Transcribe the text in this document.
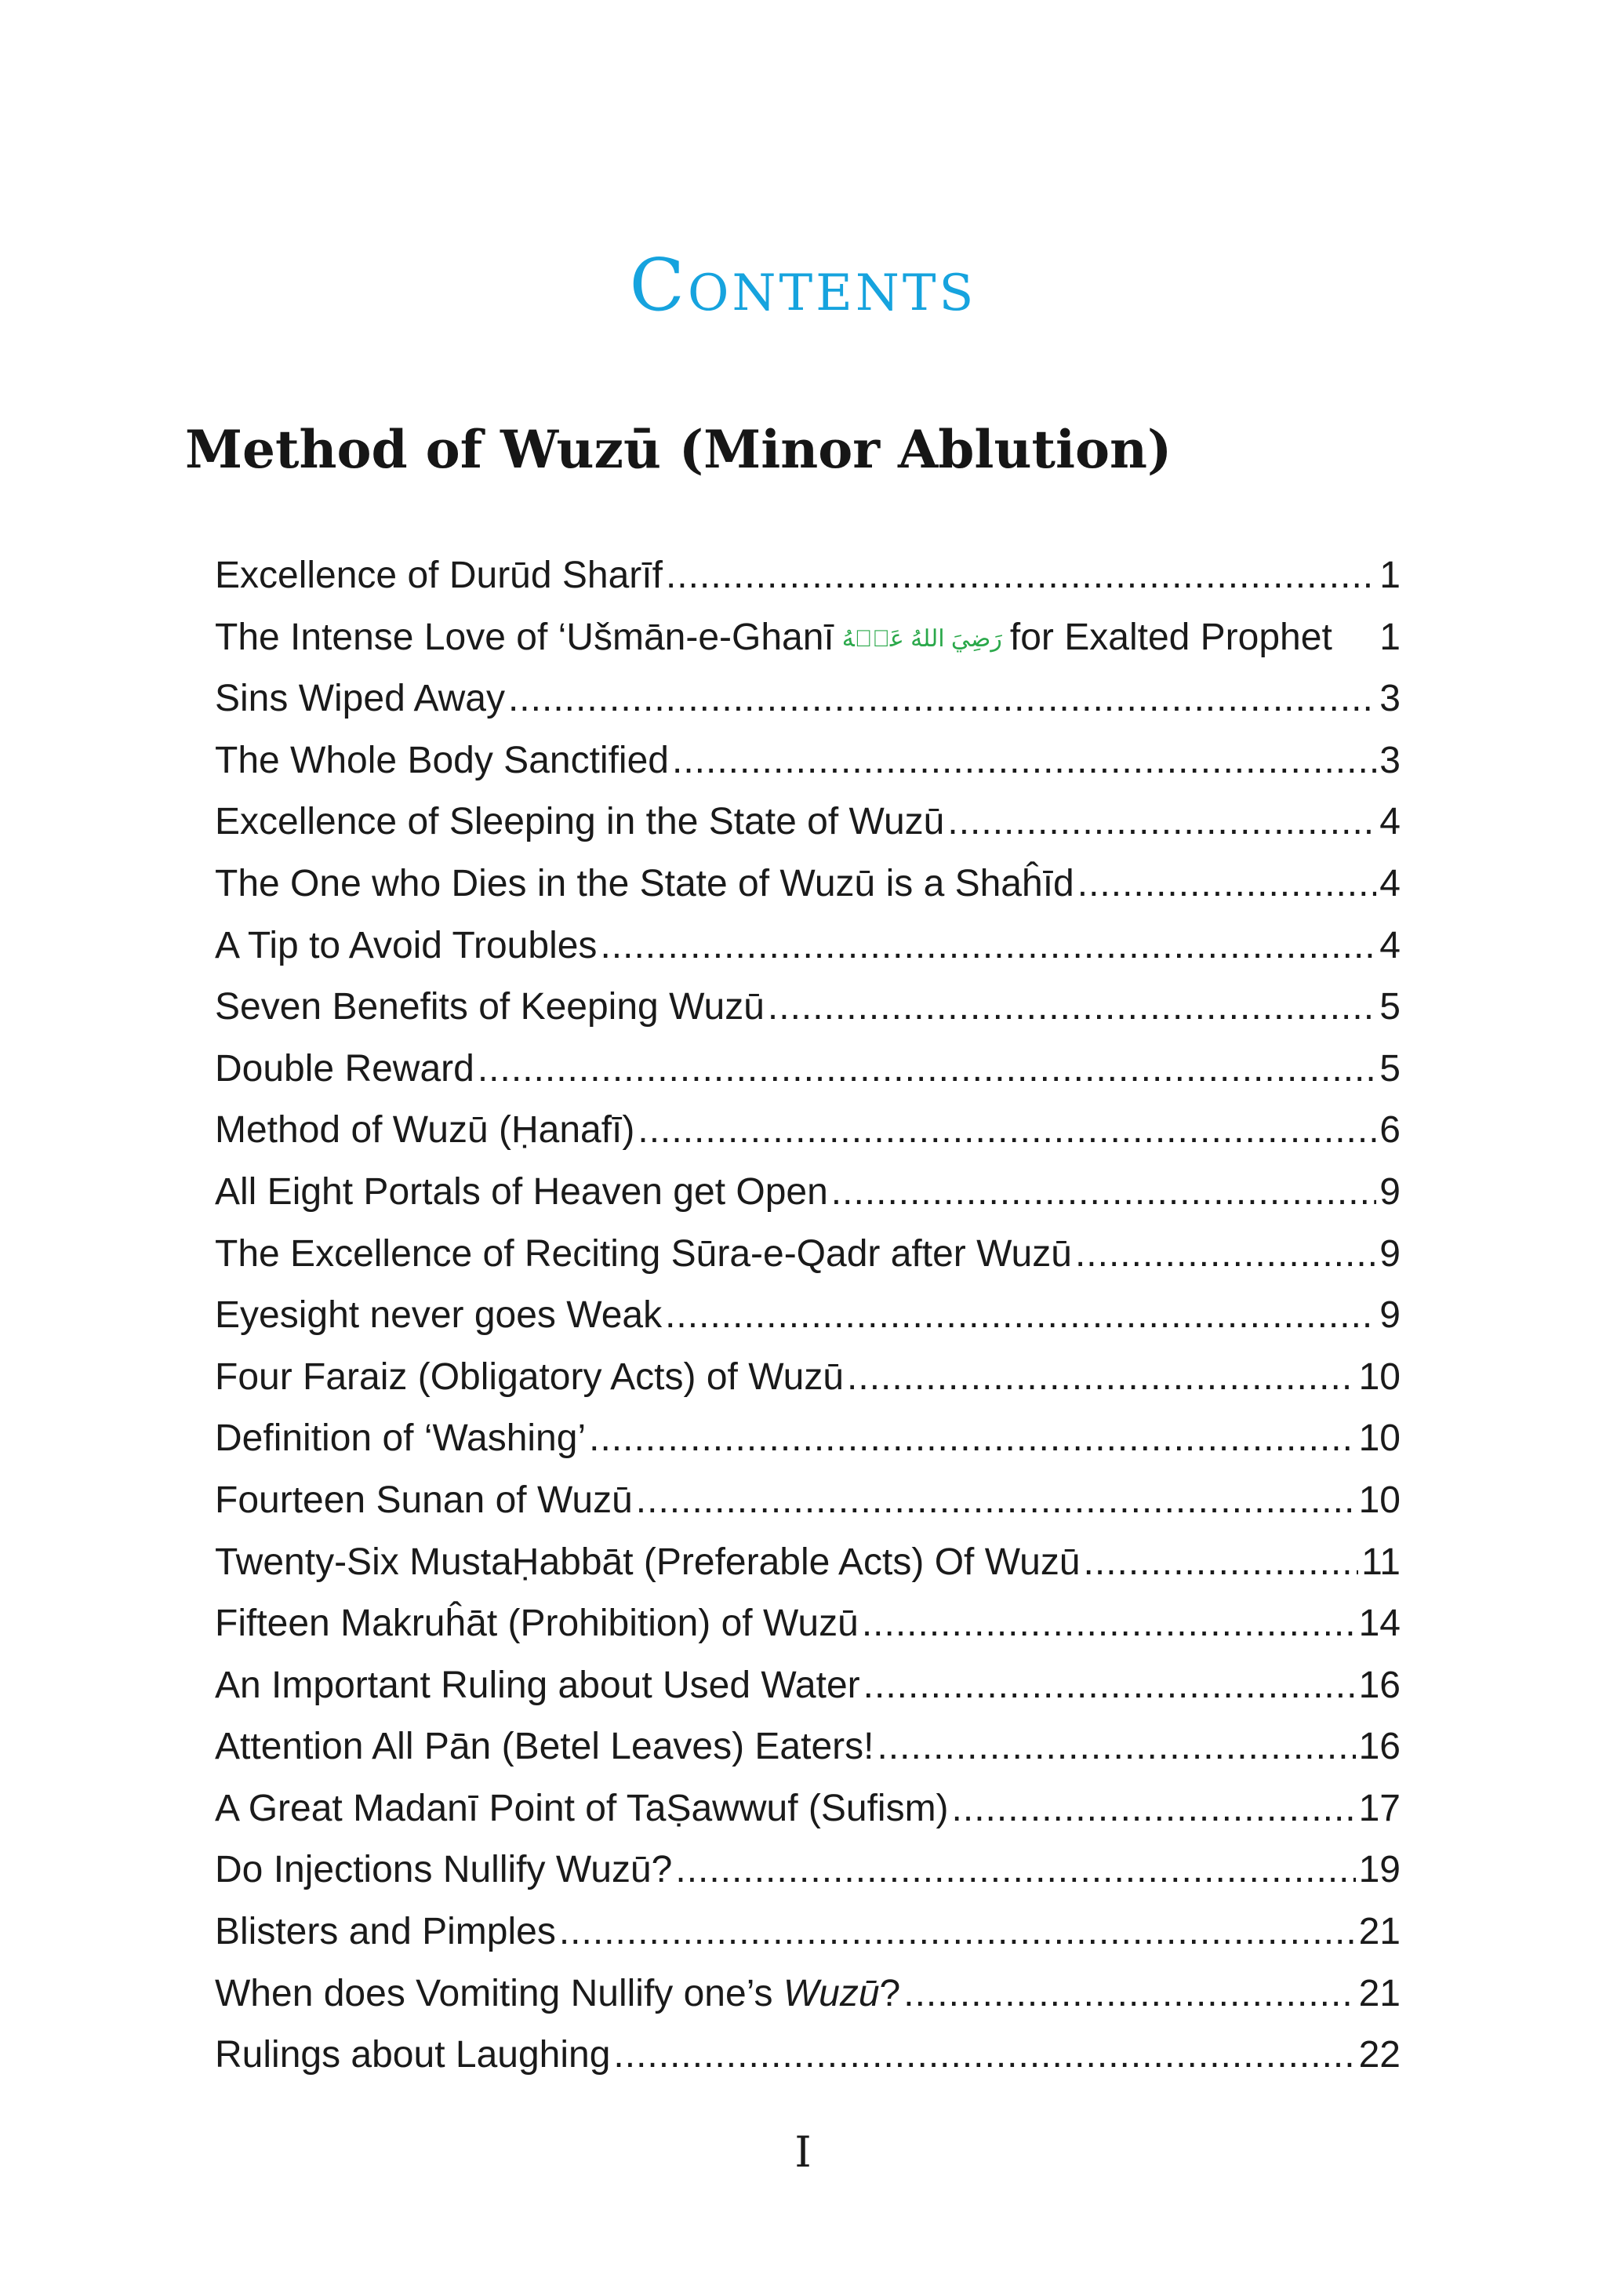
Contents
Method of Wuzū (Minor Ablution)
Excellence of Durūd Sharīf .....	1
The Intense Love of ‘Ušmān-e-Ghanī رَضِيَ اللهُ عَنۡهُ for Exalted Prophet 1
Sins Wiped Away .....	3
The Whole Body Sanctified .....	3
Excellence of Sleeping in the State of Wuzū .....	4
The One who Dies in the State of Wuzū is a Shaĥīd .....	4
A Tip to Avoid Troubles .....	4
Seven Benefits of Keeping Wuzū .....	5
Double Reward .....	5
Method of Wuzū (Ḥanafī) .....	6
All Eight Portals of Heaven get Open .....	9
The Excellence of Reciting Sūra-e-Qadr after Wuzū .....	9
Eyesight never goes Weak .....	9
Four Faraiz (Obligatory Acts) of Wuzū .....	10
Definition of ‘Washing’ .....	10
Fourteen Sunan of Wuzū .....	10
Twenty-Six MustaḤabbāt (Preferable Acts) Of Wuzū .....	11
Fifteen Makruĥāt (Prohibition) of Wuzū .....	14
An Important Ruling about Used Water .....	16
Attention All Pān (Betel Leaves) Eaters! .....	16
A Great Madanī Point of TaṢawwuf (Sufism) .....	17
Do Injections Nullify Wuzū? .....	19
Blisters and Pimples .....	21
When does Vomiting Nullify one’s Wuzū? .....	21
Rulings about Laughing .....	22
I
